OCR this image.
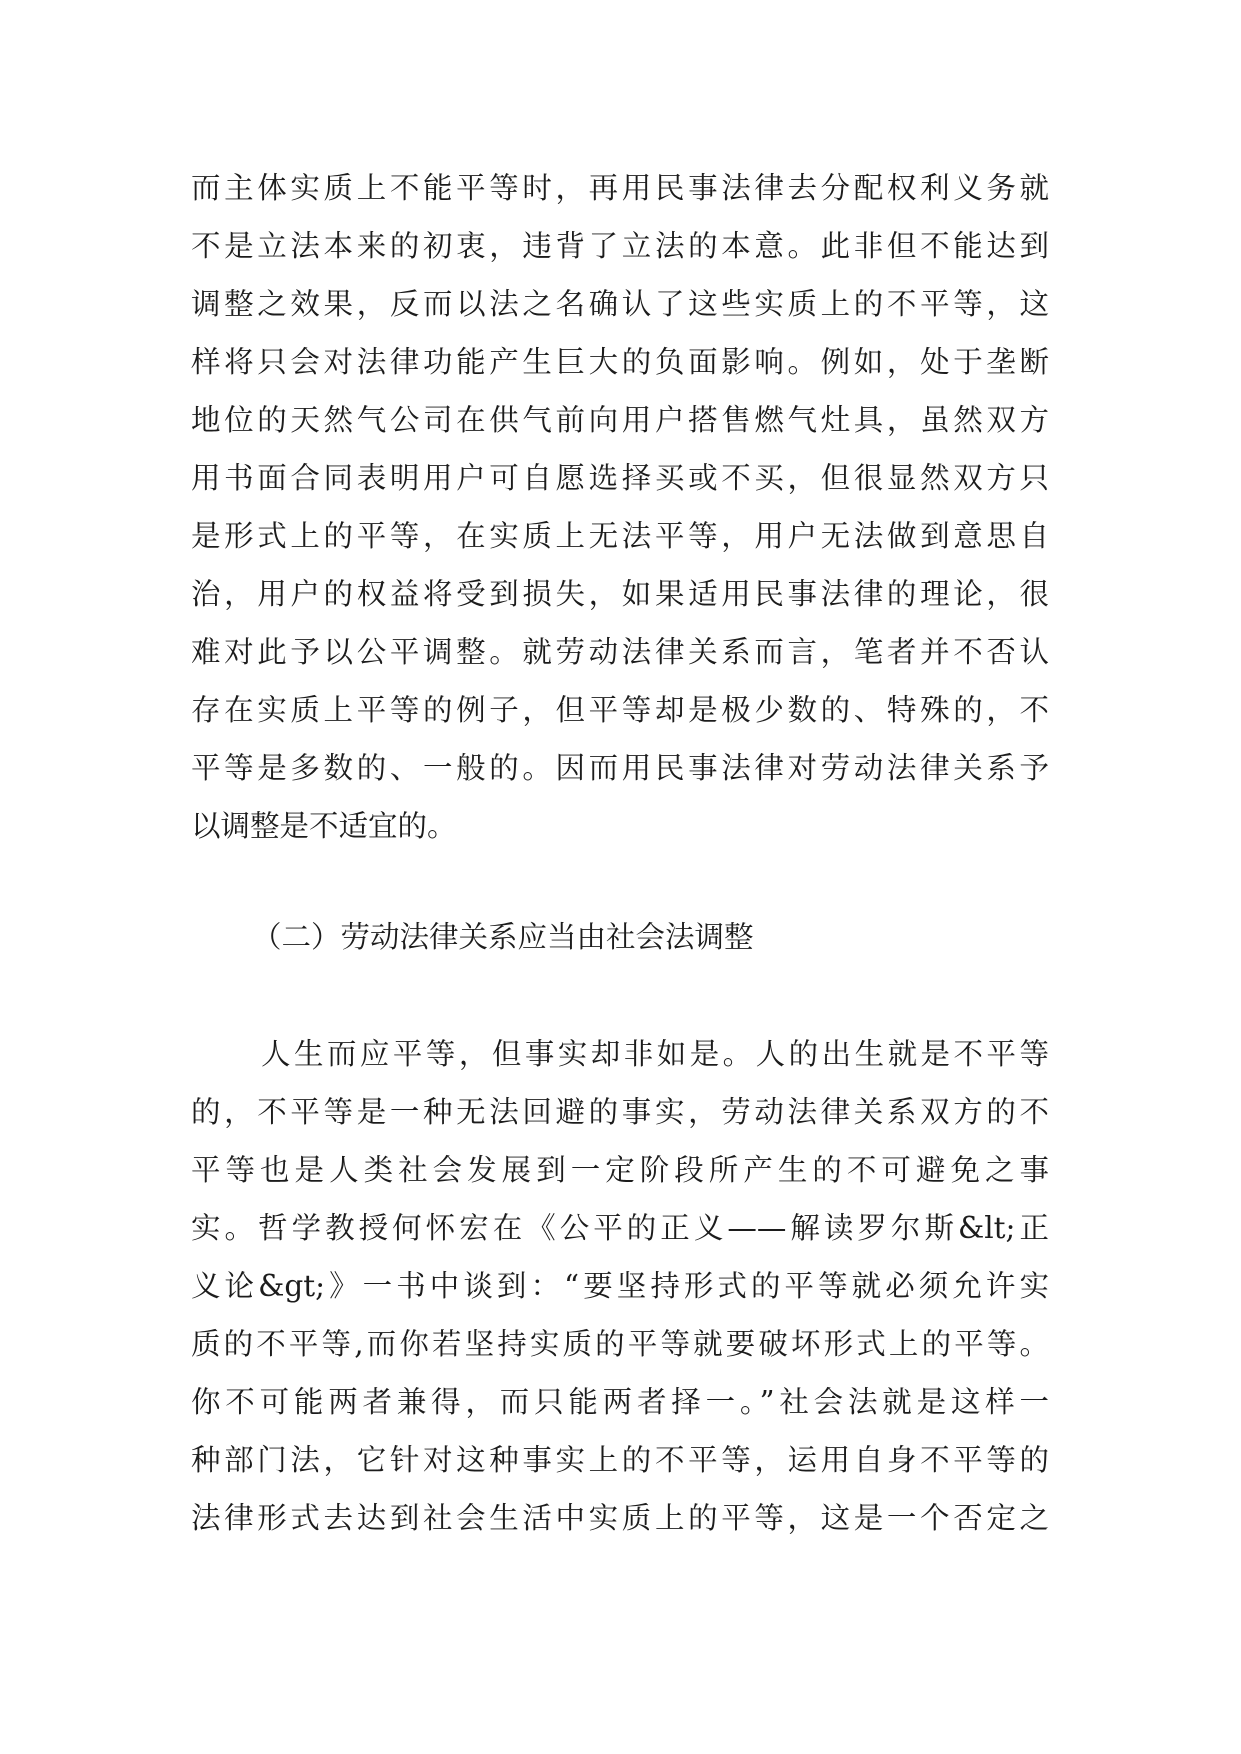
而主体实质上不能平等时，再用民事法律去分配权利义务就
不是立法本来的初衷，违背了立法的本意。此非但不能达到
调整之效果，反而以法之名确认了这些实质上的不平等，这
样将只会对法律功能产生巨大的负面影响。例如，处于垄断
地位的天然气公司在供气前向用户搭售燃气灶具，虽然双方
用书面合同表明用户可自愿选择买或不买，但很显然双方只
是形式上的平等，在实质上无法平等，用户无法做到意思自
治，用户的权益将受到损失，如果适用民事法律的理论，很
难对此予以公平调整。就劳动法律关系而言，笔者并不否认
存在实质上平等的例子，但平等却是极少数的、特殊的，不
平等是多数的、一般的。因而用民事法律对劳动法律关系予
以调整是不适宜的。
（二）劳动法律关系应当由社会法调整
人生而应平等，但事实却非如是。人的出生就是不平等
的，不平等是一种无法回避的事实，劳动法律关系双方的不
平等也是人类社会发展到一定阶段所产生的不可避免之事
实。哲学教授何怀宏在《公平的正义——解读罗尔斯&lt;正
义论&gt;》一书中谈到：“要坚持形式的平等就必须允许实
质的不平等,而你若坚持实质的平等就要破坏形式上的平等。
你不可能两者兼得，而只能两者择一。”社会法就是这样一
种部门法，它针对这种事实上的不平等，运用自身不平等的
法律形式去达到社会生活中实质上的平等，这是一个否定之
